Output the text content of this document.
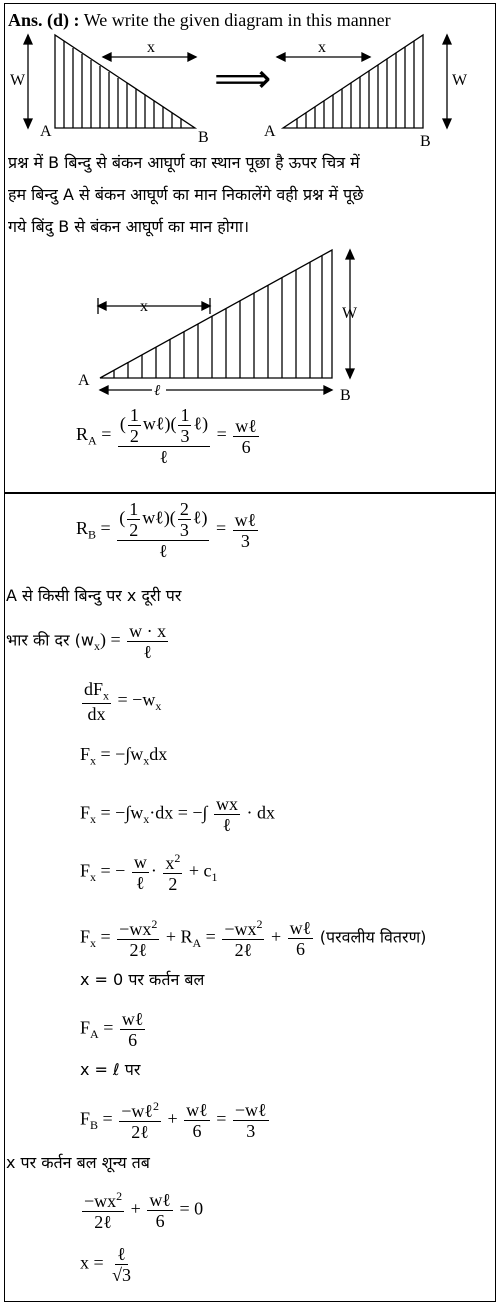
Ans. (d) : We write the given diagram in this manner
W
x
A	B
⟹
x
W
A
B
प्रश्न में B बिन्दु से बंकन आघूर्ण का स्थान पूछा है ऊपर चित्र में
हम बिन्दु A से बंकन आघूर्ण का मान निकालेंगे वही प्रश्न में पूछे
गये बिंदु B से बंकन आघूर्ण का मान होगा।
x	W
A
B
ℓ
$R_A = \frac{( \frac{1}{2} w\ell)( \frac{1}{3} \ell)}{\text{ℓ}} = \frac{\text{wℓ}}{6}$
$R_B = \frac{( \frac{1}{2} w\ell)( \frac{2}{3} \ell)}{\text{ℓ}} = \frac{\text{wℓ}}{3}$
A से किसी बिन्दु पर x दूरी पर
भार की दर $(w_x) = \frac{w \cdot x}{\text{ℓ}}$
$\frac{dF_x}{dx} = -w_x$
$F_x = -\int w_xdx$
$F_x = -\int w_x\cdot dx$ = −∫ $\frac{wx}{\text{ℓ}}$ · dx
$F_x$ = − $\frac{w}{\text{ℓ}} \cdot \frac{x^2}{2} + c_1$
$F_x = \frac{-wx^2}{\text{2ℓ}} + R_A = \frac{-wx^2}{\text{2ℓ}} + \frac{\text{wℓ}}{6}$ (परवलीय वितरण)
x = 0 पर कर्तन बल
$F_A = \frac{\text{wℓ}}{6}$
x = ℓ पर
$F_B = \frac{-w\ell^2}{\text{2ℓ}} + \frac{\text{wℓ}}{6} = \frac{\text{−wℓ}}{3}$
x पर कर्तन बल शून्य तब
$\frac{-wx^2}{\text{2ℓ}} + \frac{\text{wℓ}}{6} = 0$
$x = \frac{\text{ℓ}}{√3}$
